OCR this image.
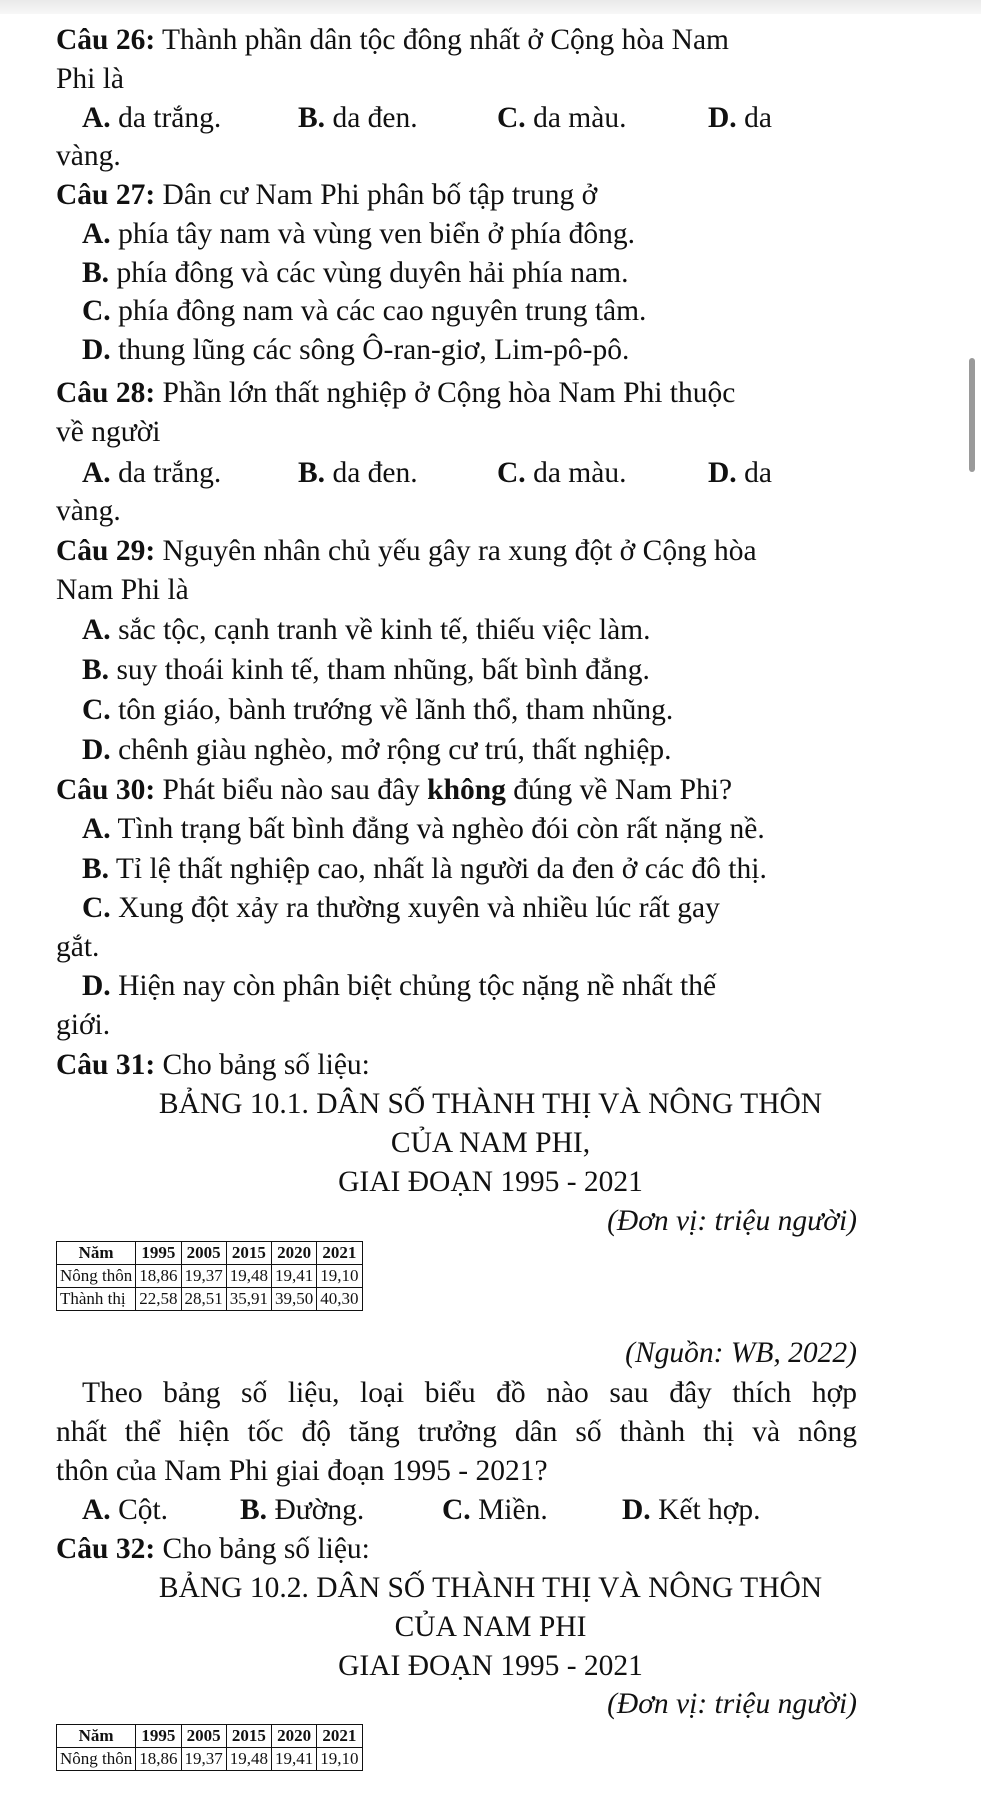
Câu 26: Thành phần dân tộc đông nhất ở Cộng hòa Nam

Phi là

A. da trắng.	B. da đen.	C. da màu.	D. da

vàng.

Câu 27: Dân cư Nam Phi phân bố tập trung ở

A. phía tây nam và vùng ven biển ở phía đông.

B. phía đông và các vùng duyên hải phía nam.

C. phía đông nam và các cao nguyên trung tâm.

D. thung lũng các sông Ô-ran-giơ, Lim-pô-pô.

Câu 28: Phần lớn thất nghiệp ở Cộng hòa Nam Phi thuộc

về người

A. da trắng.	B. da đen.	C. da màu.	D. da

vàng.

Câu 29: Nguyên nhân chủ yếu gây ra xung đột ở Cộng hòa

Nam Phi là

A. sắc tộc, cạnh tranh về kinh tế, thiếu việc làm.

B. suy thoái kinh tế, tham nhũng, bất bình đẳng.

C. tôn giáo, bành trướng về lãnh thổ, tham nhũng.

D. chênh giàu nghèo, mở rộng cư trú, thất nghiệp.

Câu 30: Phát biểu nào sau đây không đúng về Nam Phi?

A. Tình trạng bất bình đẳng và nghèo đói còn rất nặng nề.

B. Tỉ lệ thất nghiệp cao, nhất là người da đen ở các đô thị.

C. Xung đột xảy ra thường xuyên và nhiều lúc rất gay

gắt.

D. Hiện nay còn phân biệt chủng tộc nặng nề nhất thế

giới.

Câu 31: Cho bảng số liệu:

BẢNG 10.1. DÂN SỐ THÀNH THỊ VÀ NÔNG THÔN

CỦA NAM PHI,

GIAI ĐOẠN 1995 - 2021

(Đơn vị: triệu người)

Năm	1995	2005	2015	2020	2021
Nông thôn	18,86	19,37	19,48	19,41	19,10
Thành thị	22,58	28,51	35,91	39,50	40,30

(Nguồn: WB, 2022)

Theo bảng số liệu, loại biểu đồ nào sau đây thích hợp

nhất thể hiện tốc độ tăng trưởng dân số thành thị và nông

thôn của Nam Phi giai đoạn 1995 - 2021?

A. Cột. B. Đường.	C. Miền.	D. Kết hợp.

Câu 32: Cho bảng số liệu:

BẢNG 10.2. DÂN SỐ THÀNH THỊ VÀ NÔNG THÔN

CỦA NAM PHI

GIAI ĐOẠN 1995 - 2021

(Đơn vị: triệu người)

Năm	1995	2005	2015	2020	2021
Nông thôn	18,86	19,37	19,48	19,41	19,10
